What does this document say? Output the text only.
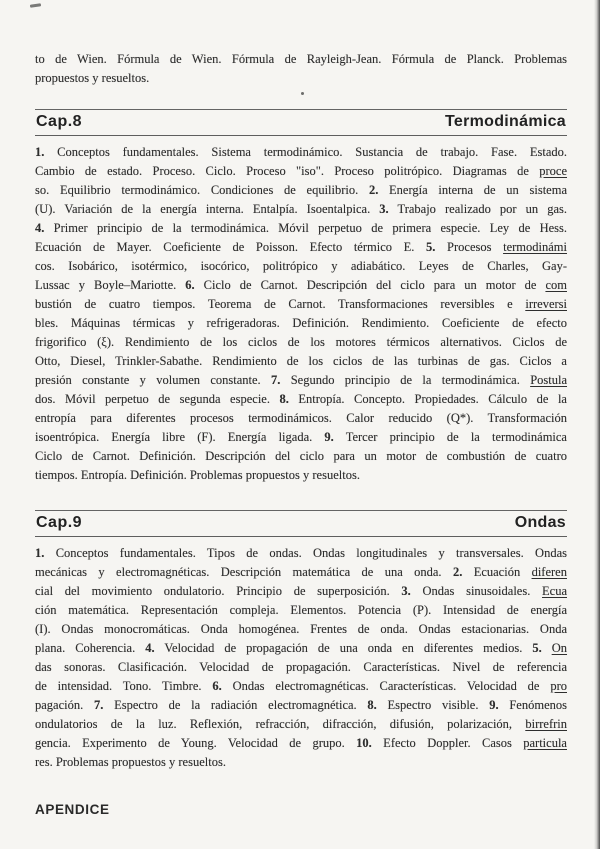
to de Wien. Fórmula de Wien. Fórmula de Rayleigh-Jean. Fórmula de Planck. Problemas
propuestos y resueltos.
Cap.8	Termodinámica
1. Conceptos fundamentales. Sistema termodinámico. Sustancia de trabajo. Fase. Estado.
Cambio de estado. Proceso. Ciclo. Proceso "iso". Proceso politrópico. Diagramas de proce
so. Equilibrio termodinámico. Condiciones de equilibrio. 2. Energía interna de un sistema
(U). Variación de la energía interna. Entalpía. Isoentalpica. 3. Trabajo realizado por un gas.
4. Primer principio de la termodinámica. Móvil perpetuo de primera especie. Ley de Hess.
Ecuación de Mayer. Coeficiente de Poisson. Efecto térmico E. 5. Procesos termodinámi
cos. Isobárico, isotérmico, isocórico, politrópico y adiabático. Leyes de Charles, Gay-
Lussac y Boyle–Mariotte. 6. Ciclo de Carnot. Descripción del ciclo para un motor de com
bustión de cuatro tiempos. Teorema de Carnot. Transformaciones reversibles e irreversi
bles. Máquinas térmicas y refrigeradoras. Definición. Rendimiento. Coeficiente de efecto
frigorifico (ξ). Rendimiento de los ciclos de los motores térmicos alternativos. Ciclos de
Otto, Diesel, Trinkler-Sabathe. Rendimiento de los ciclos de las turbinas de gas. Ciclos a
presión constante y volumen constante. 7. Segundo principio de la termodinámica. Postula
dos. Móvil perpetuo de segunda especie. 8. Entropía. Concepto. Propiedades. Cálculo de la
entropía para diferentes procesos termodinámicos. Calor reducido (Q*). Transformación
isoentrópica. Energía libre (F). Energía ligada. 9. Tercer principio de la termodinámica
Ciclo de Carnot. Definición. Descripción del ciclo para un motor de combustión de cuatro
tiempos. Entropía. Definición. Problemas propuestos y resueltos.
Cap.9	Ondas
1. Conceptos fundamentales. Tipos de ondas. Ondas longitudinales y transversales. Ondas
mecánicas y electromagnéticas. Descripción matemática de una onda. 2. Ecuación diferen
cial del movimiento ondulatorio. Principio de superposición. 3. Ondas sinusoidales. Ecua
ción matemática. Representación compleja. Elementos. Potencia (P). Intensidad de energía
(I). Ondas monocromáticas. Onda homogénea. Frentes de onda. Ondas estacionarias. Onda
plana. Coherencia. 4. Velocidad de propagación de una onda en diferentes medios. 5. On
das sonoras. Clasificación. Velocidad de propagación. Características. Nivel de referencia
de intensidad. Tono. Timbre. 6. Ondas electromagnéticas. Características. Velocidad de pro
pagación. 7. Espectro de la radiación electromagnética. 8. Espectro visible. 9. Fenómenos
ondulatorios de la luz. Reflexión, refracción, difracción, difusión, polarización, birrefrin
gencia. Experimento de Young. Velocidad de grupo. 10. Efecto Doppler. Casos particula
res. Problemas propuestos y resueltos.
APENDICE
